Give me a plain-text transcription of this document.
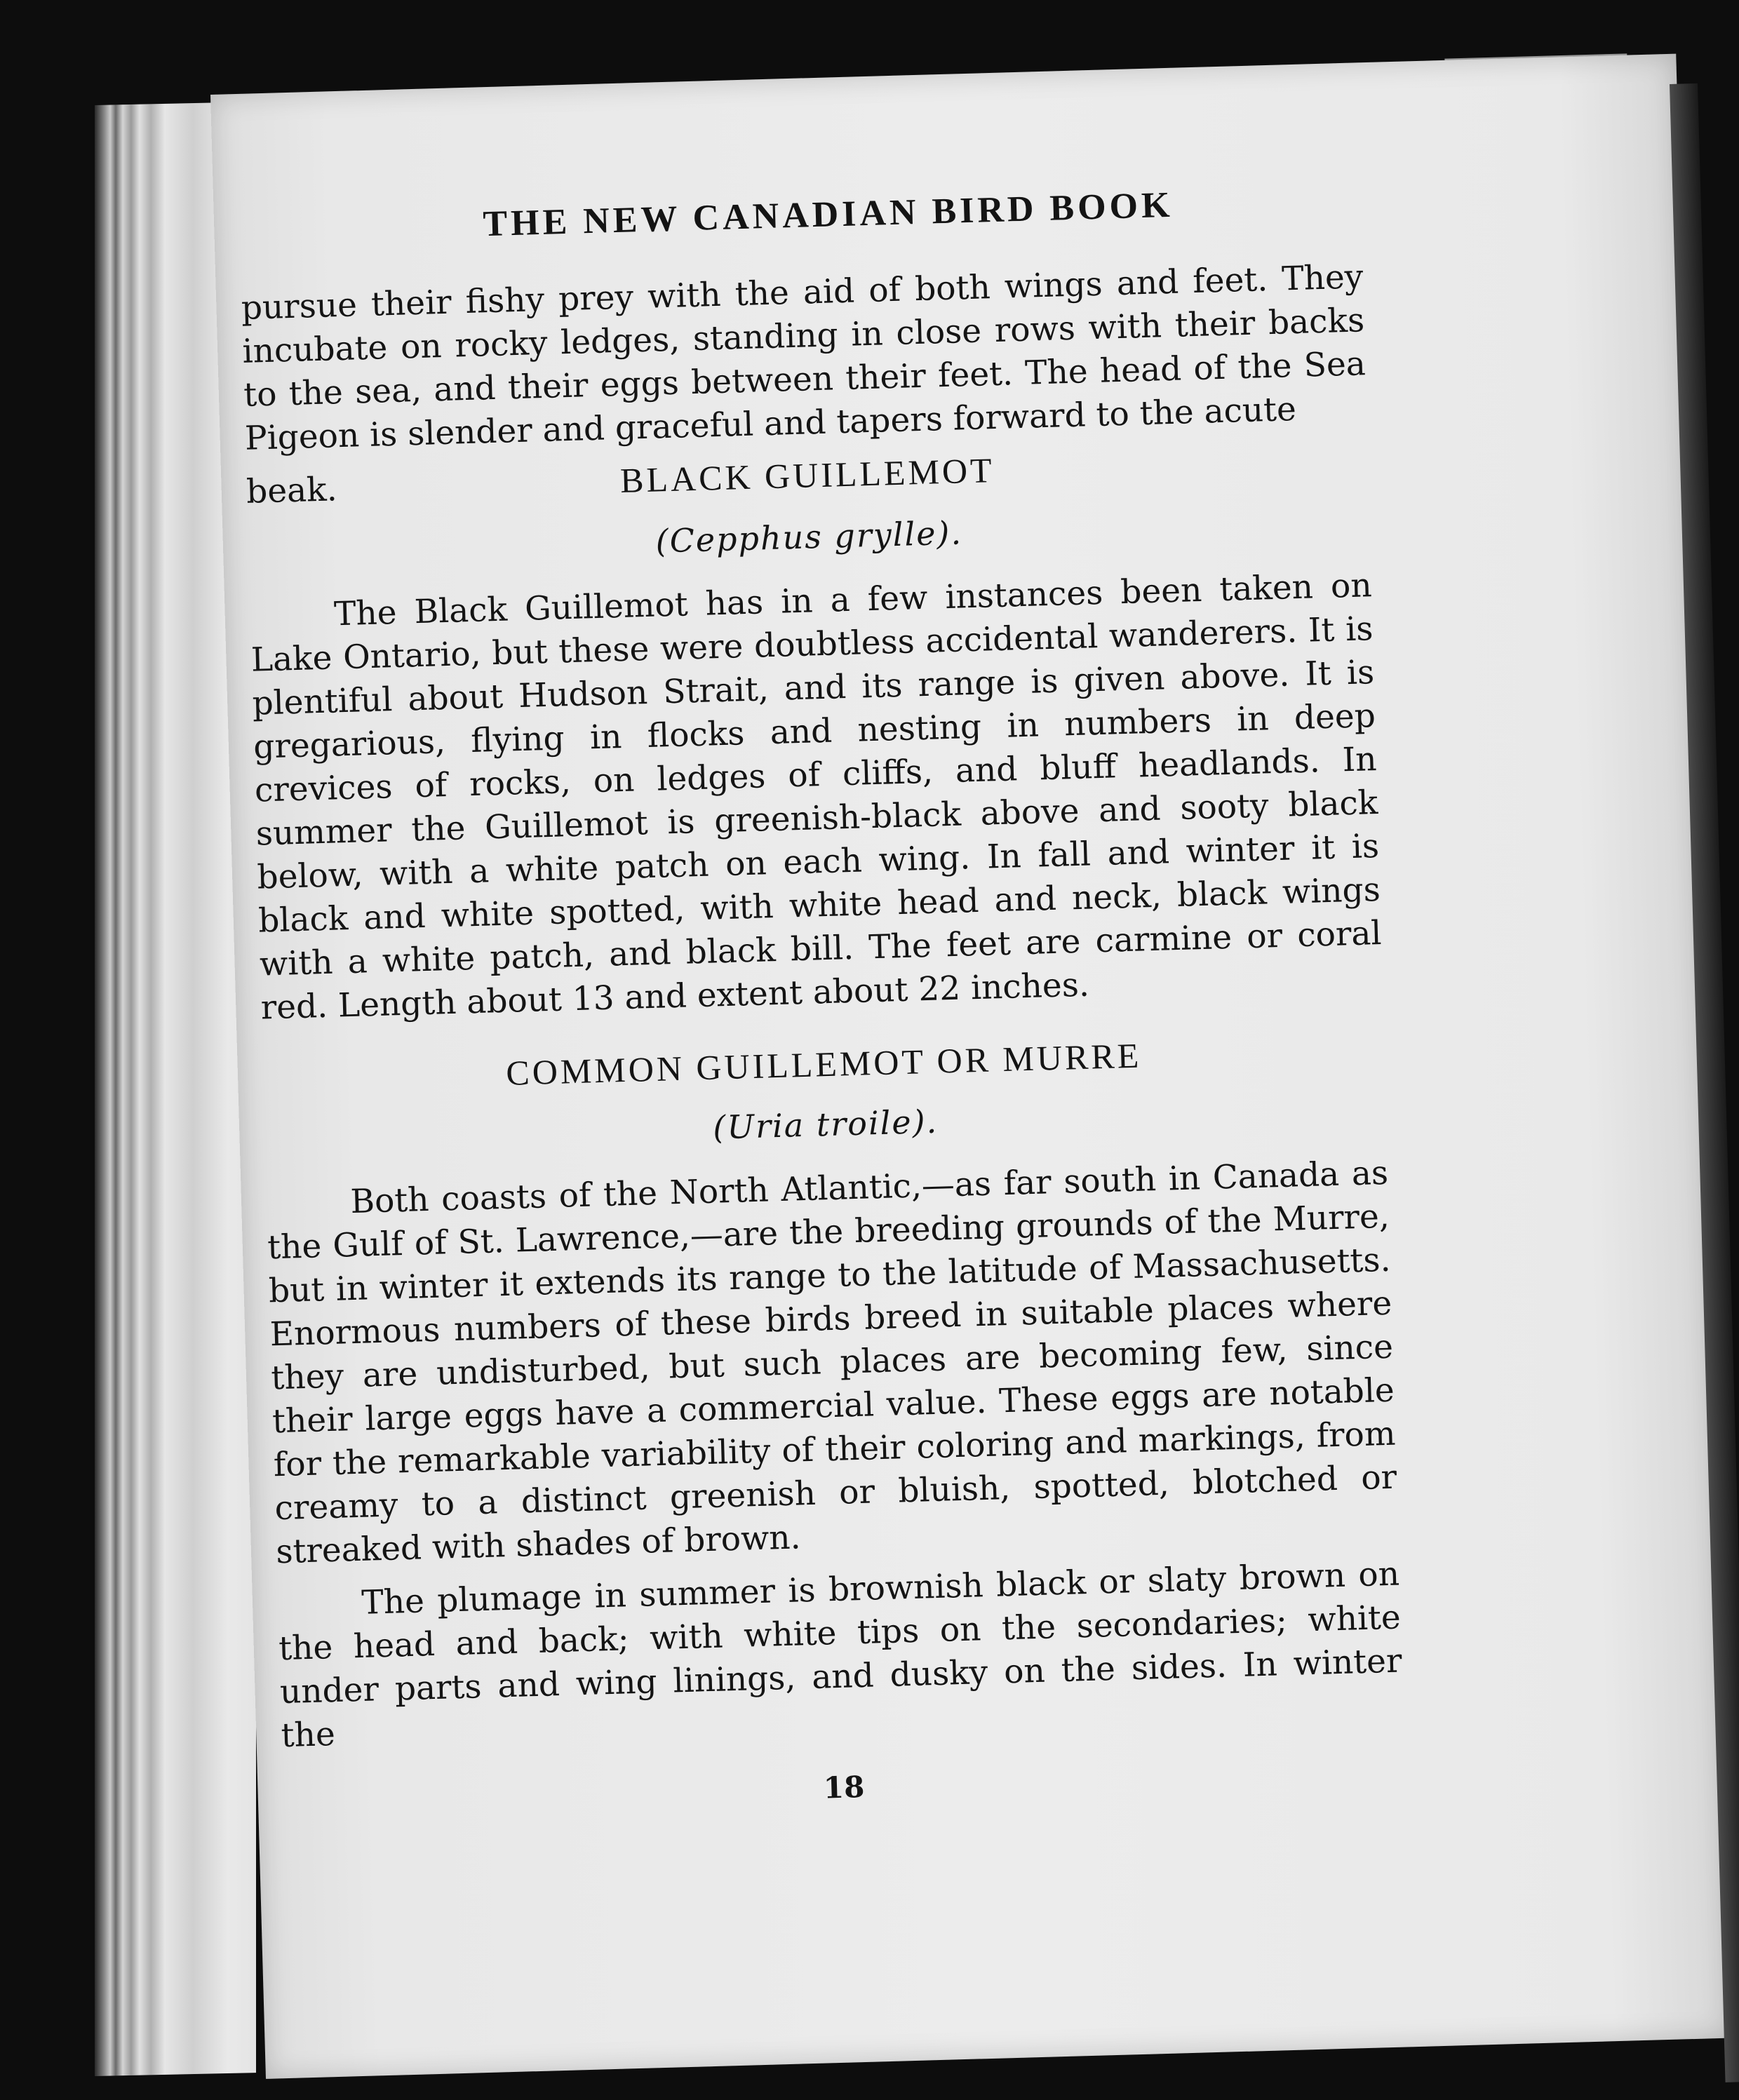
THE NEW CANADIAN BIRD BOOK

pursue their fishy prey with the aid of both wings and feet. They incubate on rocky ledges, standing in close rows with their backs to the sea, and their eggs between their feet. The head of the Sea Pigeon is slender and graceful and tapers forward to the acute

beak.	BLACK GUILLEMOT
(Cepphus grylle).

The Black Guillemot has in a few instances been taken on Lake Ontario, but these were doubtless accidental wanderers. It is plentiful about Hudson Strait, and its range is given above. It is gregarious, flying in flocks and nesting in numbers in deep crevices of rocks, on ledges of cliffs, and bluff headlands. In summer the Guillemot is greenish-black above and sooty black below, with a white patch on each wing. In fall and winter it is black and white spotted, with white head and neck, black wings with a white patch, and black bill. The feet are carmine or coral red. Length about 13 and extent about 22 inches.

COMMON GUILLEMOT OR MURRE
(Uria troile).

Both coasts of the North Atlantic,—as far south in Canada as the Gulf of St. Lawrence,—are the breeding grounds of the Murre, but in winter it extends its range to the latitude of Massachusetts. Enormous numbers of these birds breed in suitable places where they are undisturbed, but such places are becoming few, since their large eggs have a commercial value. These eggs are notable for the remarkable variability of their coloring and markings, from creamy to a distinct greenish or bluish, spotted, blotched or streaked with shades of brown.

The plumage in summer is brownish black or slaty brown on the head and back; with white tips on the secondaries; white under parts and wing linings, and dusky on the sides. In winter the

18
